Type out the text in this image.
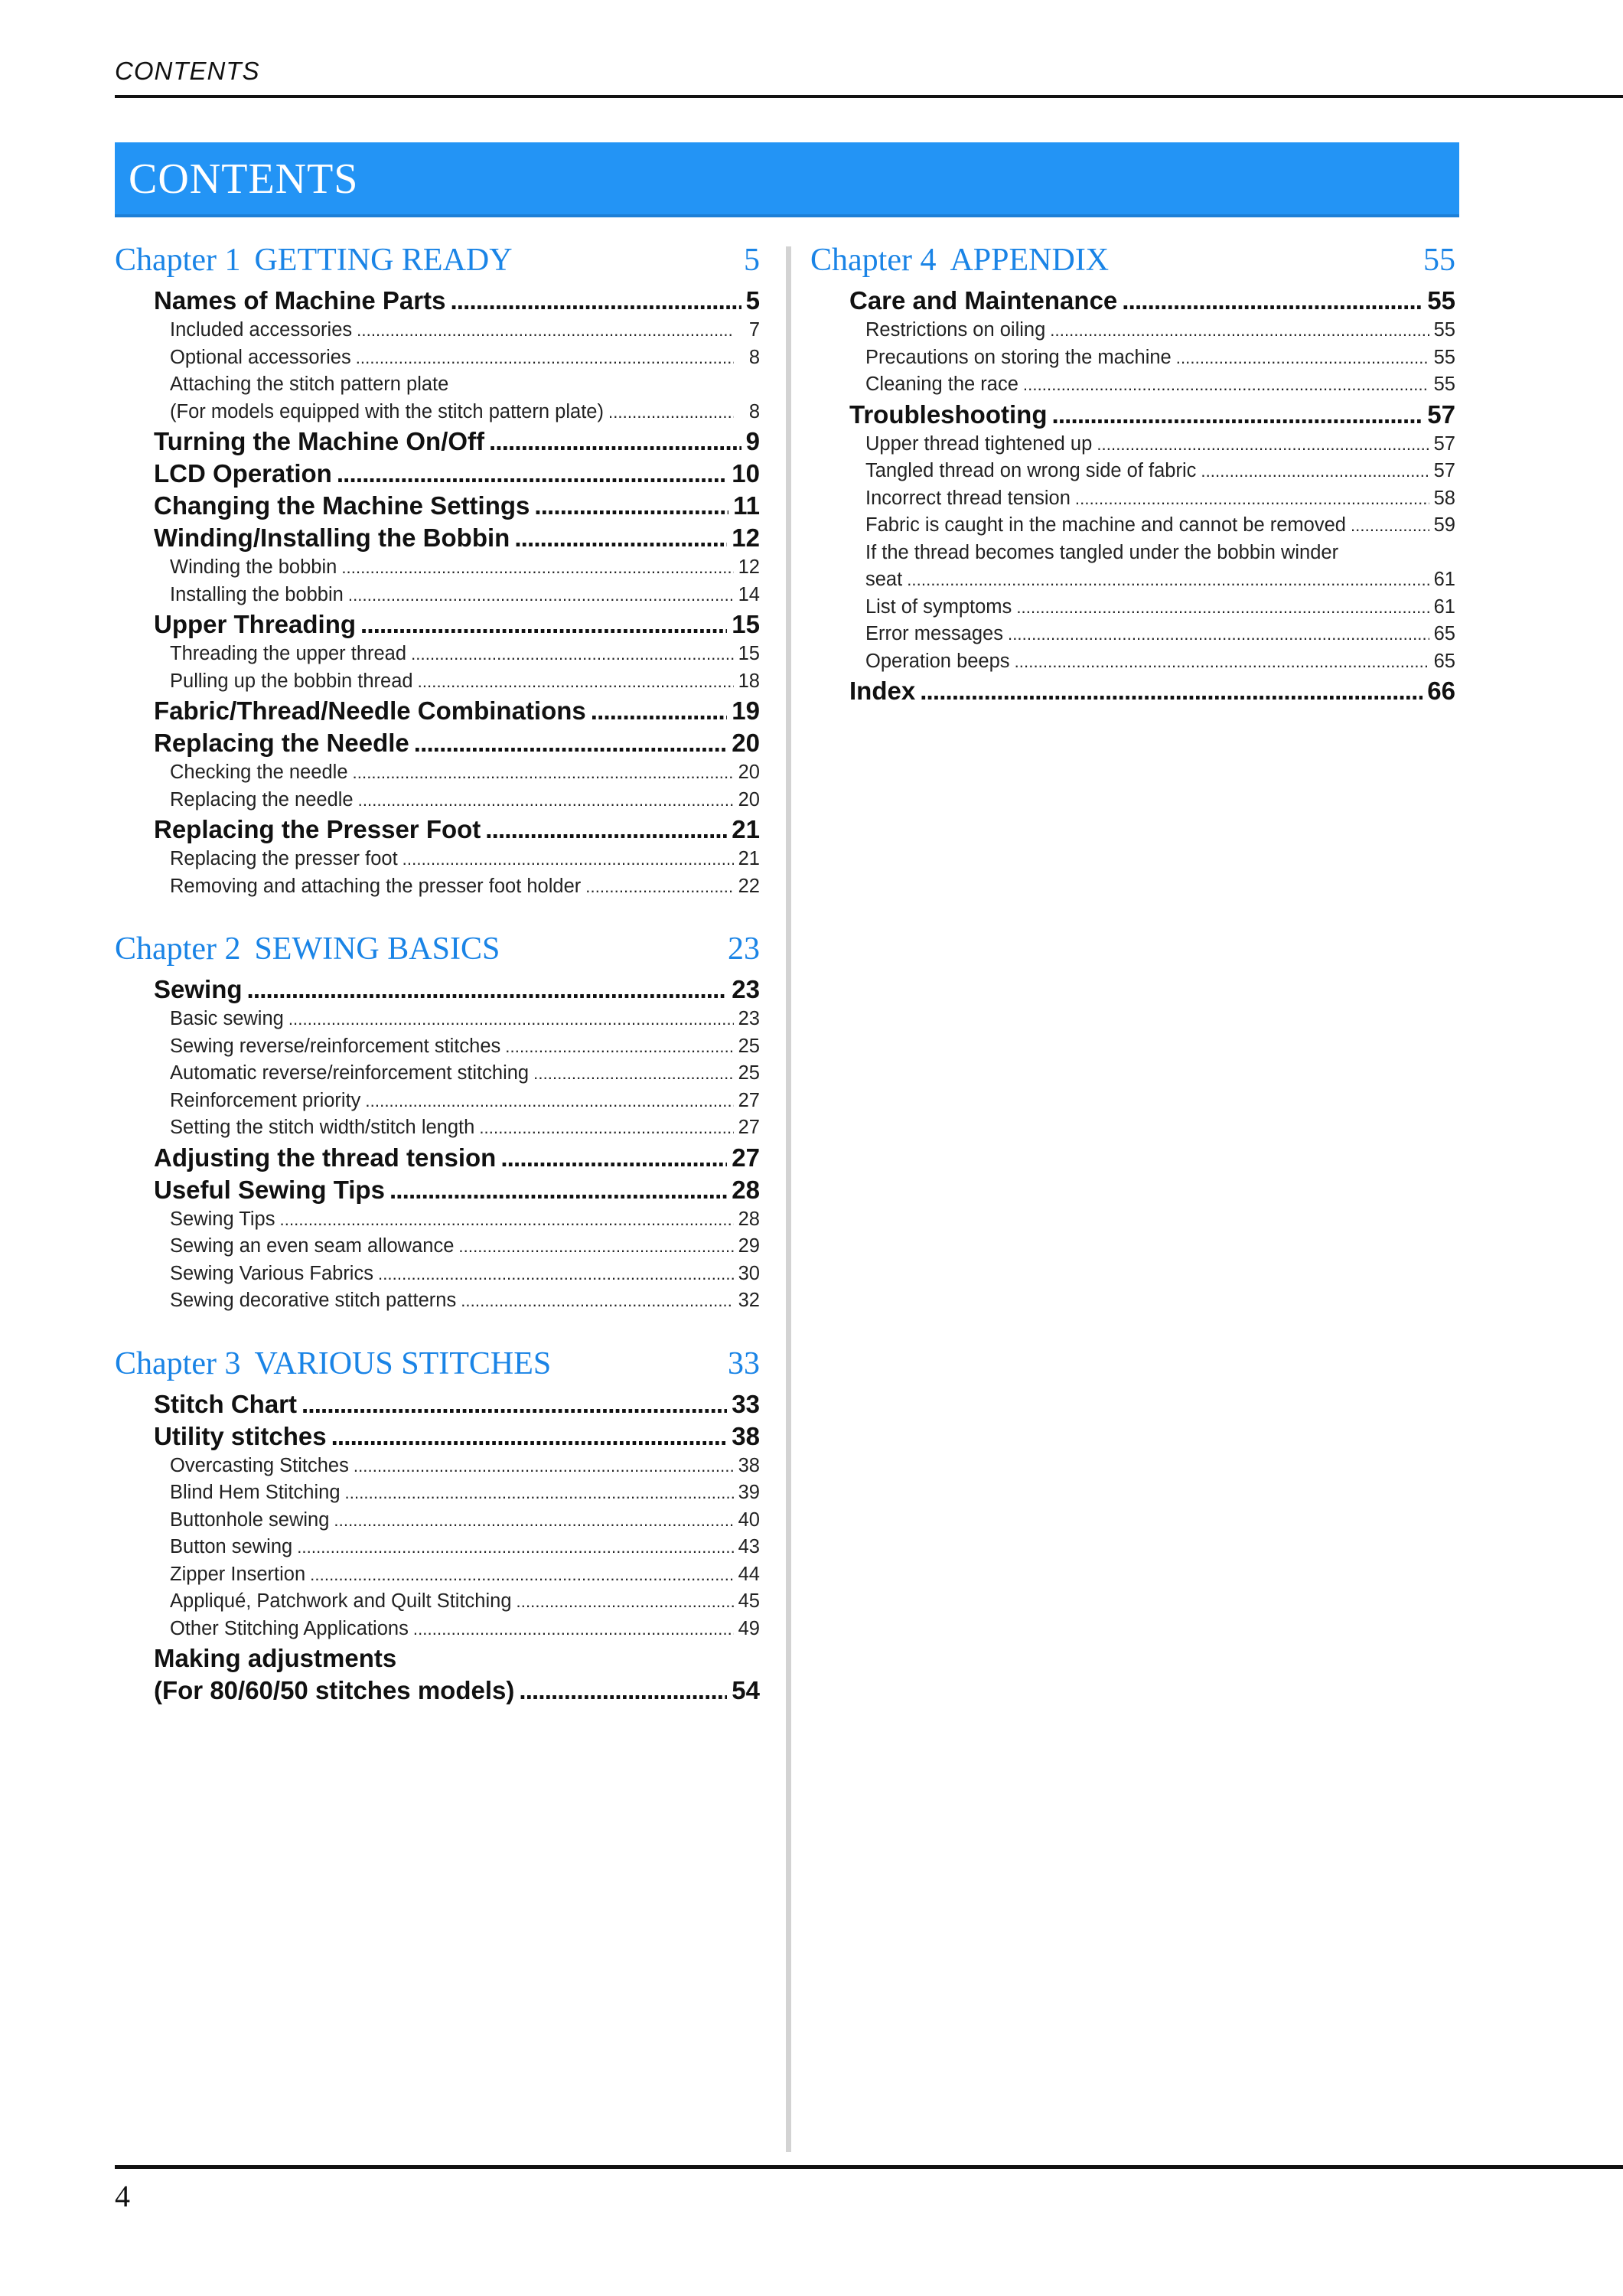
CONTENTS
CONTENTS
Chapter 1 GETTING READY	5
Names of Machine Parts . . .	5
Included accessories . . .	7
Optional accessories . . .	8
Attaching the stitch pattern plate
(For models equipped with the stitch pattern plate) . . .	8
Turning the Machine On/Off . . .	9
LCD Operation . . .	10
Changing the Machine Settings . . .	11
Winding/Installing the Bobbin . . .	12
Winding the bobbin . . .	12
Installing the bobbin . . .	14
Upper Threading . . .	15
Threading the upper thread . . .	15
Pulling up the bobbin thread . . .	18
Fabric/Thread/Needle Combinations . . .	19
Replacing the Needle . . .	20
Checking the needle . . .	20
Replacing the needle . . .	20
Replacing the Presser Foot . . .	21
Replacing the presser foot . . .	21
Removing and attaching the presser foot holder . . .	22
Chapter 2 SEWING BASICS	23
Sewing . . .	23
Basic sewing . . .	23
Sewing reverse/reinforcement stitches . . .	25
Automatic reverse/reinforcement stitching . . .	25
Reinforcement priority . . .	27
Setting the stitch width/stitch length . . .	27
Adjusting the thread tension . . .	27
Useful Sewing Tips . . .	28
Sewing Tips . . .	28
Sewing an even seam allowance . . .	29
Sewing Various Fabrics . . .	30
Sewing decorative stitch patterns . . .	32
Chapter 3 VARIOUS STITCHES	33
Stitch Chart . . .	33
Utility stitches . . .	38
Overcasting Stitches . . .	38
Blind Hem Stitching . . .	39
Buttonhole sewing . . .	40
Button sewing . . .	43
Zipper Insertion . . .	44
Appliqué, Patchwork and Quilt Stitching . . .	45
Other Stitching Applications . . .	49
Making adjustments
(For 80/60/50 stitches models) . . .	54
Chapter 4 APPENDIX	55
Care and Maintenance . . .	55
Restrictions on oiling . . .	55
Precautions on storing the machine . . .	55
Cleaning the race . . .	55
Troubleshooting . . .	57
Upper thread tightened up . . .	57
Tangled thread on wrong side of fabric . . .	57
Incorrect thread tension . . .	58
Fabric is caught in the machine and cannot be removed . . .	59
If the thread becomes tangled under the bobbin winder
seat . . .	61
List of symptoms . . .	61
Error messages . . .	65
Operation beeps . . .	65
Index . . .	66
4
